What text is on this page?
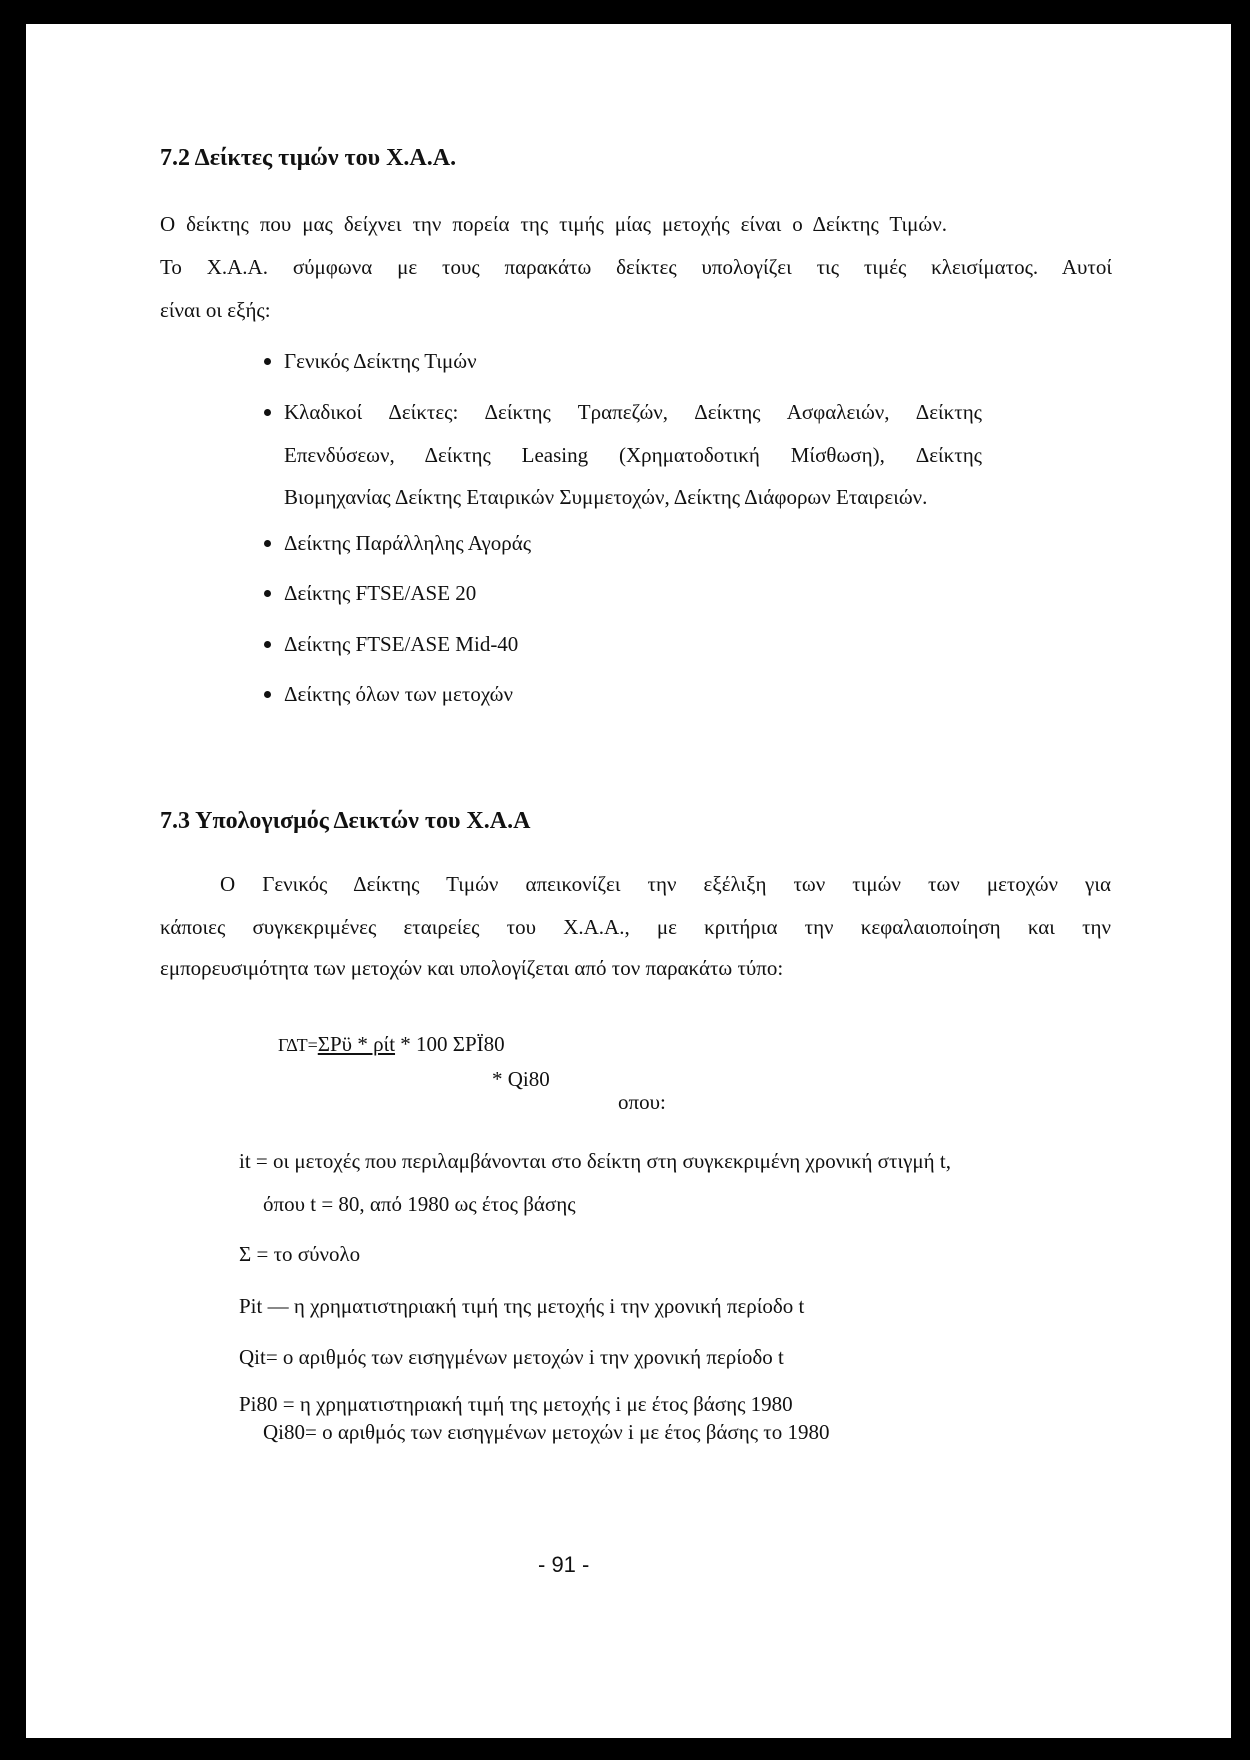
7.2 Δείκτες τιμών του Χ.Α.Α.
Ο δείκτης που μας δείχνει την πορεία της τιμής μίας μετοχής είναι ο Δείκτης Τιμών.
Το Χ.Α.Α. σύμφωνα με τους παρακάτω δείκτες υπολογίζει τις τιμές κλεισίματος. Αυτοί
είναι οι εξής:
Γενικός Δείκτης Τιμών
Κλαδικοί Δείκτες: Δείκτης Τραπεζών, Δείκτης Ασφαλειών, Δείκτης
Επενδύσεων, Δείκτης Leasing (Χρηματοδοτική Μίσθωση), Δείκτης
Βιομηχανίας Δείκτης Εταιρικών Συμμετοχών, Δείκτης Διάφορων Εταιρειών.
Δείκτης Παράλληλης Αγοράς
Δείκτης FTSE/ASE 20
Δείκτης FTSE/ASE Mid-40
Δείκτης όλων των μετοχών
7.3 Υπολογισμός Δεικτών του Χ.Α.Α
Ο Γενικός Δείκτης Τιμών απεικονίζει την εξέλιξη των τιμών των μετοχών για
κάποιες συγκεκριμένες εταιρείες του Χ.Α.Α., με κριτήρια την κεφαλαιοποίηση και την
εμπορευσιμότητα των μετοχών και υπολογίζεται από τον παρακάτω τύπο:
ΓΔΤ=ΣΡϋ * ρίt * 100 ΣΡΪ80
* Qi80
οπου:
it = οι μετοχές που περιλαμβάνονται στο δείκτη στη συγκεκριμένη χρονική στιγμή t,
όπου t = 80, από 1980 ως έτος βάσης
Σ = το σύνολο
Pit — η χρηματιστηριακή τιμή της μετοχής i την χρονική περίοδο t
Qit= ο αριθμός των εισηγμένων μετοχών i την χρονική περίοδο t
Pi80 = η χρηματιστηριακή τιμή της μετοχής i με έτος βάσης 1980
Qi80= ο αριθμός των εισηγμένων μετοχών i με έτος βάσης το 1980
- 91 -
